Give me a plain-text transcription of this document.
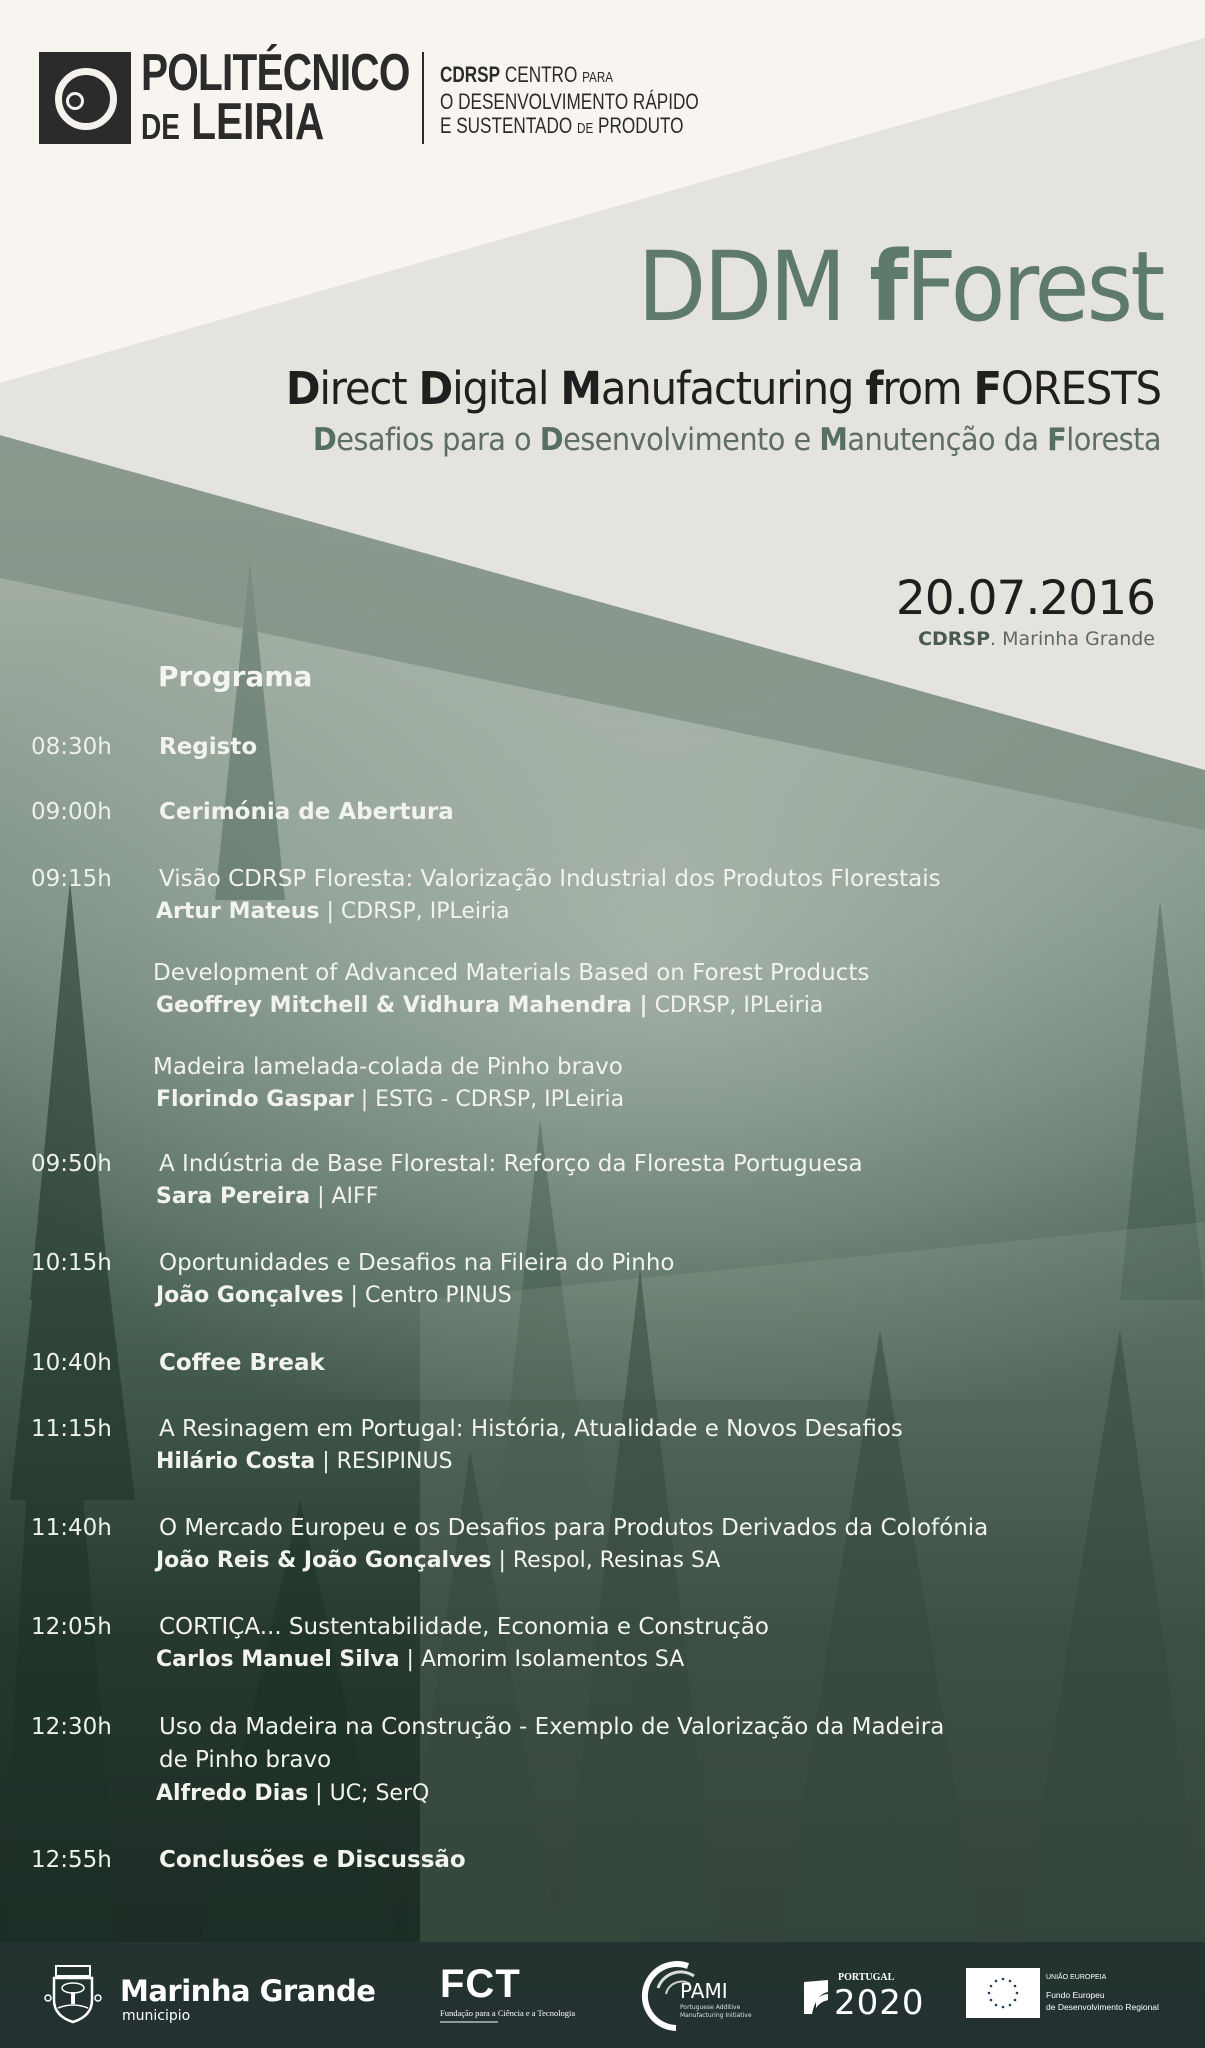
POLITÉCNICO
DE LEIRIA
CDRSP CENTRO PARA
O DESENVOLVIMENTO RÁPIDO
E SUSTENTADO DE PRODUTO
DDM fForest
Direct Digital Manufacturing from FORESTS
Desafios para o Desenvolvimento e Manutenção da Floresta
20.07.2016
CDRSP. Marinha Grande
Programa
08:30h Registo
09:00h Cerimónia de Abertura
09:15h Visão CDRSP Floresta: Valorização Industrial dos Produtos Florestais
Artur Mateus | CDRSP, IPLeiria
Development of Advanced Materials Based on Forest Products
Geoffrey Mitchell & Vidhura Mahendra | CDRSP, IPLeiria
Madeira lamelada-colada de Pinho bravo
Florindo Gaspar | ESTG - CDRSP, IPLeiria
09:50h A Indústria de Base Florestal: Reforço da Floresta Portuguesa
Sara Pereira | AIFF
10:15h Oportunidades e Desafios na Fileira do Pinho
João Gonçalves | Centro PINUS
10:40h Coffee Break
11:15h A Resinagem em Portugal: História, Atualidade e Novos Desafios
Hilário Costa | RESIPINUS
11:40h O Mercado Europeu e os Desafios para Produtos Derivados da Colofónia
João Reis & João Gonçalves | Respol, Resinas SA
12:05h CORTIÇA... Sustentabilidade, Economia e Construção
Carlos Manuel Silva | Amorim Isolamentos SA
12:30h Uso da Madeira na Construção - Exemplo de Valorização da Madeira
de Pinho bravo
Alfredo Dias | UC; SerQ
12:55h Conclusões e Discussão
Marinha Grande
municipio
FCT
Fundação para a Ciência e a Tecnologia
PAMI
Portuguese Additive
Manufacturing Initiative
PORTUGAL
2020
UNIÃO EUROPEIA
Fundo Europeu
de Desenvolvimento Regional
